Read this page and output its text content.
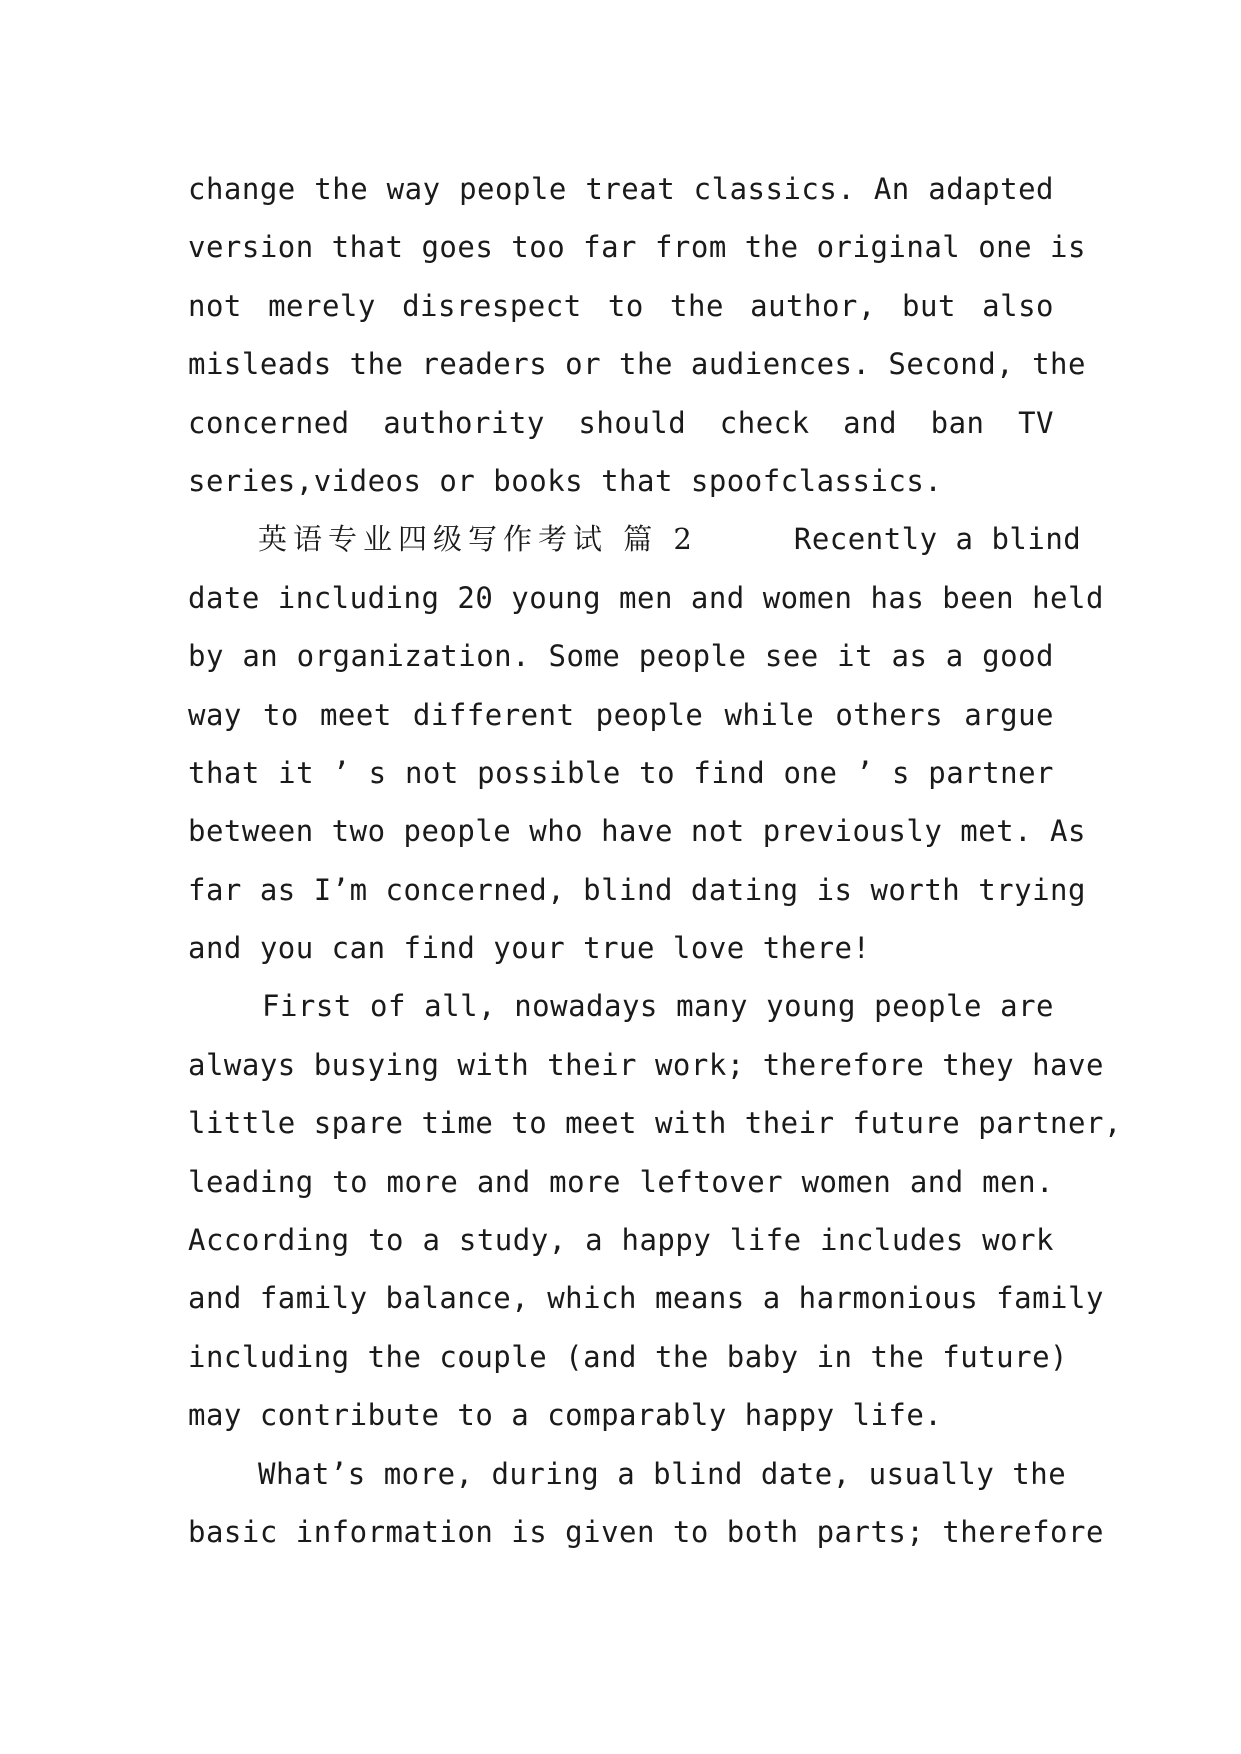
change the way people treat classics. An adapted
version that goes too far from the original one is
not merely disrespect to the author, but also
misleads the readers or the audiences. Second, the
concerned authority should check and ban TV
series,videos or books that spoofclassics.
英语专业四级写作考试 篇 2	Recently a blind
date including 20 young men and women has been held
by an organization. Some people see it as a good
way to meet different people while others argue
that it ’ s not possible to find one ’ s partner
between two people who have not previously met. As
far as I’m concerned, blind dating is worth trying
and you can find your true love there!
First of all, nowadays many young people are
always busying with their work; therefore they have
little spare time to meet with their future partner,
leading to more and more leftover women and men.
According to a study, a happy life includes work
and family balance, which means a harmonious family
including the couple (and the baby in the future)
may contribute to a comparably happy life.
What’s more, during a blind date, usually the
basic information is given to both parts; therefore
